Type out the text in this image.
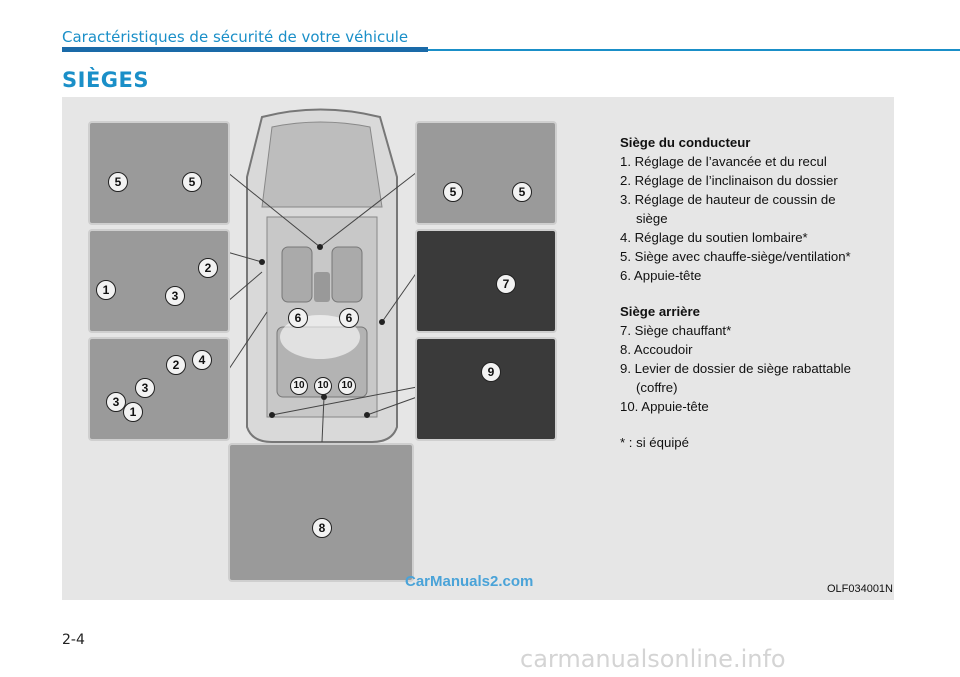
Caractéristiques de sécurité de votre véhicule
SIÈGES
5	5
5	5
1
2
3
2	4
3
3
1
6	6
10	10	10
7
9
8
Siège du conducteur
1. Réglage de l’avancée et du recul
2. Réglage de l’inclinaison du dossier
3. Réglage de hauteur de coussin de
siège
4. Réglage du soutien lombaire*
5. Siège avec chauffe-siège/ventilation*
6. Appuie-tête
Siège arrière
7. Siège chauffant*
8. Accoudoir
9. Levier de dossier de siège rabattable
(coffre)
10. Appuie-tête
* : si équipé
OLF034001N
CarManuals2.com
2-4
carmanualsonline.info
